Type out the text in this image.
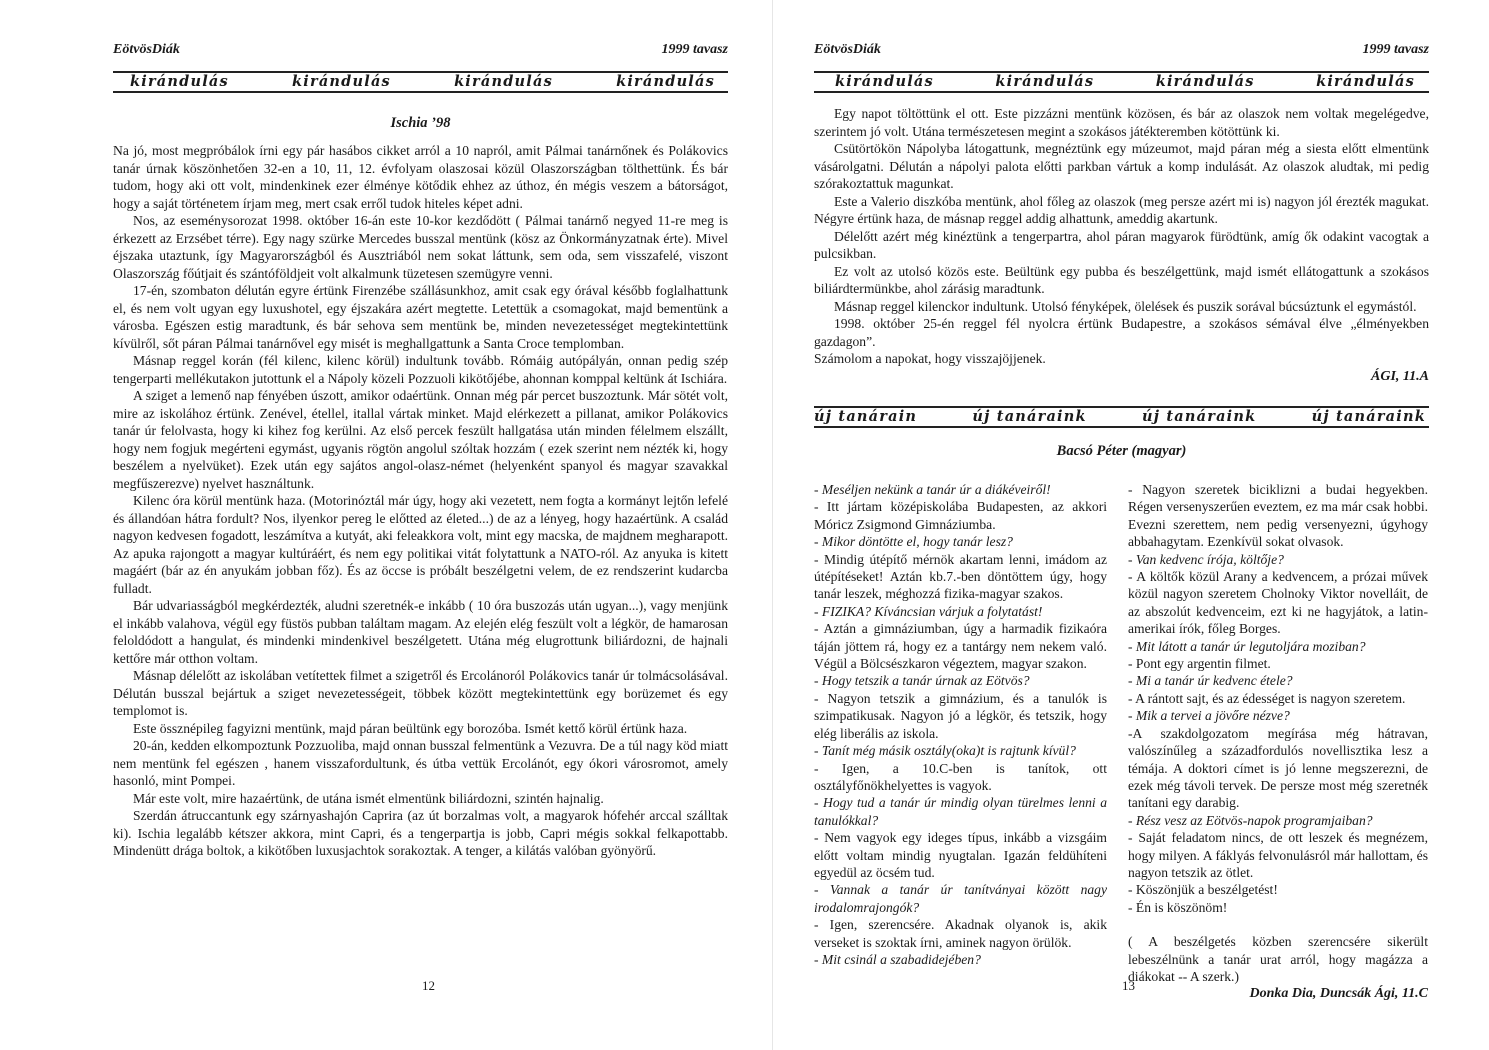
EötvösDiák	1999 tavasz
kirándulás	kirándulás	kirándulás	kirándulás
Ischia ’98

Na jó, most megpróbálok írni egy pár hasábos cikket arról a 10 napról, amit Pálmai tanárnőnek és Polákovics tanár úrnak köszönhetően 32-en a 10, 11, 12. évfolyam olaszosai közül Olaszországban tölthettünk. És bár tudom, hogy aki ott volt, mindenkinek ezer élménye kötődik ehhez az úthoz, én mégis veszem a bátorságot, hogy a saját történetem írjam meg, mert csak erről tudok hiteles képet adni.

Nos, az eseménysorozat 1998. október 16-án este 10-kor kezdődött ( Pálmai tanárnő negyed 11-re meg is érkezett az Erzsébet térre). Egy nagy szürke Mercedes busszal mentünk (kösz az Önkormányzatnak érte). Mivel éjszaka utaztunk, így Magyarországból és Ausztriából nem sokat láttunk, sem oda, sem visszafelé, viszont Olaszország főútjait és szántóföldjeit volt alkalmunk tüzetesen szemügyre venni.

17-én, szombaton délután egyre értünk Firenzébe szállásunkhoz, amit csak egy órával később foglalhattunk el, és nem volt ugyan egy luxushotel, egy éjszakára azért megtette. Letettük a csomagokat, majd bementünk a városba. Egészen estig maradtunk, és bár sehova sem mentünk be, minden nevezetességet megtekintettünk kívülről, sőt páran Pálmai tanárnővel egy misét is meghallgattunk a Santa Croce templomban.

Másnap reggel korán (fél kilenc, kilenc körül) indultunk tovább. Rómáig autópályán, onnan pedig szép tengerparti mellékutakon jutottunk el a Nápoly közeli Pozzuoli kikötőjébe, ahonnan komppal keltünk át Ischiára.

A sziget a lemenő nap fényében úszott, amikor odaértünk. Onnan még pár percet buszoztunk. Már sötét volt, mire az iskolához értünk. Zenével, étellel, itallal vártak minket. Majd elérkezett a pillanat, amikor Polákovics tanár úr felolvasta, hogy ki kihez fog kerülni. Az első percek feszült hallgatása után minden félelmem elszállt, hogy nem fogjuk megérteni egymást, ugyanis rögtön angolul szóltak hozzám ( ezek szerint nem nézték ki, hogy beszélem a nyelvüket). Ezek után egy sajátos angol-olasz-német (helyenként spanyol és magyar szavakkal megfűszerezve) nyelvet használtunk.

Kilenc óra körül mentünk haza. (Motorinóztál már úgy, hogy aki vezetett, nem fogta a kormányt lejtőn lefelé és állandóan hátra fordult? Nos, ilyenkor pereg le előtted az életed...) de az a lényeg, hogy hazaértünk. A család nagyon kedvesen fogadott, leszámítva a kutyát, aki feleakkora volt, mint egy macska, de majdnem megharapott. Az apuka rajongott a magyar kultúráért, és nem egy politikai vitát folytattunk a NATO-ról. Az anyuka is kitett magáért (bár az én anyukám jobban főz). És az öccse is próbált beszélgetni velem, de ez rendszerint kudarcba fulladt.

Bár udvariasságból megkérdezték, aludni szeretnék-e inkább ( 10 óra buszozás után ugyan...), vagy menjünk el inkább valahova, végül egy füstös pubban találtam magam. Az elején elég feszült volt a légkör, de hamarosan feloldódott a hangulat, és mindenki mindenkivel beszélgetett. Utána még elugrottunk biliárdozni, de hajnali kettőre már otthon voltam.

Másnap délelőtt az iskolában vetítettek filmet a szigetről és Ercolánoról Polákovics tanár úr tolmácsolásával. Délután busszal bejártuk a sziget nevezetességeit, többek között megtekintettünk egy borüzemet és egy templomot is.

Este össznépileg fagyizni mentünk, majd páran beültünk egy borozóba. Ismét kettő körül értünk haza.

20-án, kedden elkompoztunk Pozzuoliba, majd onnan busszal felmentünk a Vezuvra. De a túl nagy köd miatt nem mentünk fel egészen , hanem visszafordultunk, és útba vettük Ercolánót, egy ókori városromot, amely hasonló, mint Pompei.

Már este volt, mire hazaértünk, de utána ismét elmentünk biliárdozni, szintén hajnalig.

Szerdán átruccantunk egy szárnyashajón Caprira (az út borzalmas volt, a magyarok hófehér arccal szálltak ki). Ischia legalább kétszer akkora, mint Capri, és a tengerpartja is jobb, Capri mégis sokkal felkapottabb. Mindenütt drága boltok, a kikötőben luxusjachtok sorakoztak. A tenger, a kilátás valóban gyönyörű.

12
EötvösDiák	1999 tavasz
kirándulás	kirándulás	kirándulás	kirándulás

Egy napot töltöttünk el ott. Este pizzázni mentünk közösen, és bár az olaszok nem voltak megelégedve, szerintem jó volt. Utána természetesen megint a szokásos játékteremben kötöttünk ki.

Csütörtökön Nápolyba látogattunk, megnéztünk egy múzeumot, majd páran még a siesta előtt elmentünk vásárolgatni. Délután a nápolyi palota előtti parkban vártuk a komp indulását. Az olaszok aludtak, mi pedig szórakoztattuk magunkat.

Este a Valerio diszkóba mentünk, ahol főleg az olaszok (meg persze azért mi is) nagyon jól érezték magukat. Négyre értünk haza, de másnap reggel addig alhattunk, ameddig akartunk.

Délelőtt azért még kinéztünk a tengerpartra, ahol páran magyarok fürödtünk, amíg ők odakint vacogtak a pulcsikban.

Ez volt az utolsó közös este. Beültünk egy pubba és beszélgettünk, majd ismét ellátogattunk a szokásos biliárdtermünkbe, ahol zárásig maradtunk.

Másnap reggel kilenckor indultunk. Utolsó fényképek, ölelések és puszik sorával búcsúztunk el egymástól.

1998. október 25-én reggel fél nyolcra értünk Budapestre, a szokásos sémával élve „élményekben gazdagon”.

Számolom a napokat, hogy visszajöjjenek.

ÁGI, 11.A
új tanárain	új tanáraink	új tanáraink	új tanáraink
Bacsó Péter (magyar)

- Meséljen nekünk a tanár úr a diákéveiről!

- Itt jártam középiskolába Budapesten, az akkori Móricz Zsigmond Gimnáziumba.

- Mikor döntötte el, hogy tanár lesz?

- Mindig útépítő mérnök akartam lenni, imádom az útépítéseket! Aztán kb.7.-ben döntöttem úgy, hogy tanár leszek, méghozzá fizika-magyar szakos.

- FIZIKA? Kíváncsian várjuk a folytatást!

- Aztán a gimnáziumban, úgy a harmadik fizikaóra táján jöttem rá, hogy ez a tantárgy nem nekem való. Végül a Bölcsészkaron végeztem, magyar szakon.

- Hogy tetszik a tanár úrnak az Eötvös?

- Nagyon tetszik a gimnázium, és a tanulók is szimpatikusak. Nagyon jó a légkör, és tetszik, hogy elég liberális az iskola.

- Tanít még másik osztály(oka)t is rajtunk kívül?

- Igen, a 10.C-ben is tanítok, ott osztályfőnökhelyettes is vagyok.

- Hogy tud a tanár úr mindig olyan türelmes lenni a tanulókkal?

- Nem vagyok egy ideges típus, inkább a vizsgáim előtt voltam mindig nyugtalan. Igazán feldühíteni egyedül az öcsém tud.

- Vannak a tanár úr tanítványai között nagy irodalomrajongók?

- Igen, szerencsére. Akadnak olyanok is, akik verseket is szoktak írni, aminek nagyon örülök.

- Mit csinál a szabadidejében?

- Nagyon szeretek biciklizni a budai hegyekben. Régen versenyszerűen eveztem, ez ma már csak hobbi. Evezni szerettem, nem pedig versenyezni, úgyhogy abbahagytam. Ezenkívül sokat olvasok.

- Van kedvenc írója, költője?

- A költők közül Arany a kedvencem, a prózai művek közül nagyon szeretem Cholnoky Viktor novelláit, de az abszolút kedvenceim, ezt ki ne hagyjátok, a latin-amerikai írók, főleg Borges.

- Mit látott a tanár úr legutoljára moziban?

- Pont egy argentin filmet.

- Mi a tanár úr kedvenc étele?

- A rántott sajt, és az édességet is nagyon szeretem.

- Mik a tervei a jövőre nézve?

-A szakdolgozatom megírása még hátravan, valószínűleg a századfordulós novellisztika lesz a témája. A doktori címet is jó lenne megszerezni, de ezek még távoli tervek. De persze most még szeretnék tanítani egy darabig.

- Rész vesz az Eötvös-napok programjaiban?

- Saját feladatom nincs, de ott leszek és megnézem, hogy milyen. A fáklyás felvonulásról már hallottam, és nagyon tetszik az ötlet.

- Köszönjük a beszélgetést!

- Én is köszönöm!

( A beszélgetés közben szerencsére sikerült lebeszélnünk a tanár urat arról, hogy magázza a diákokat -- A szerk.)

Donka Dia, Duncsák Ági, 11.C
13
